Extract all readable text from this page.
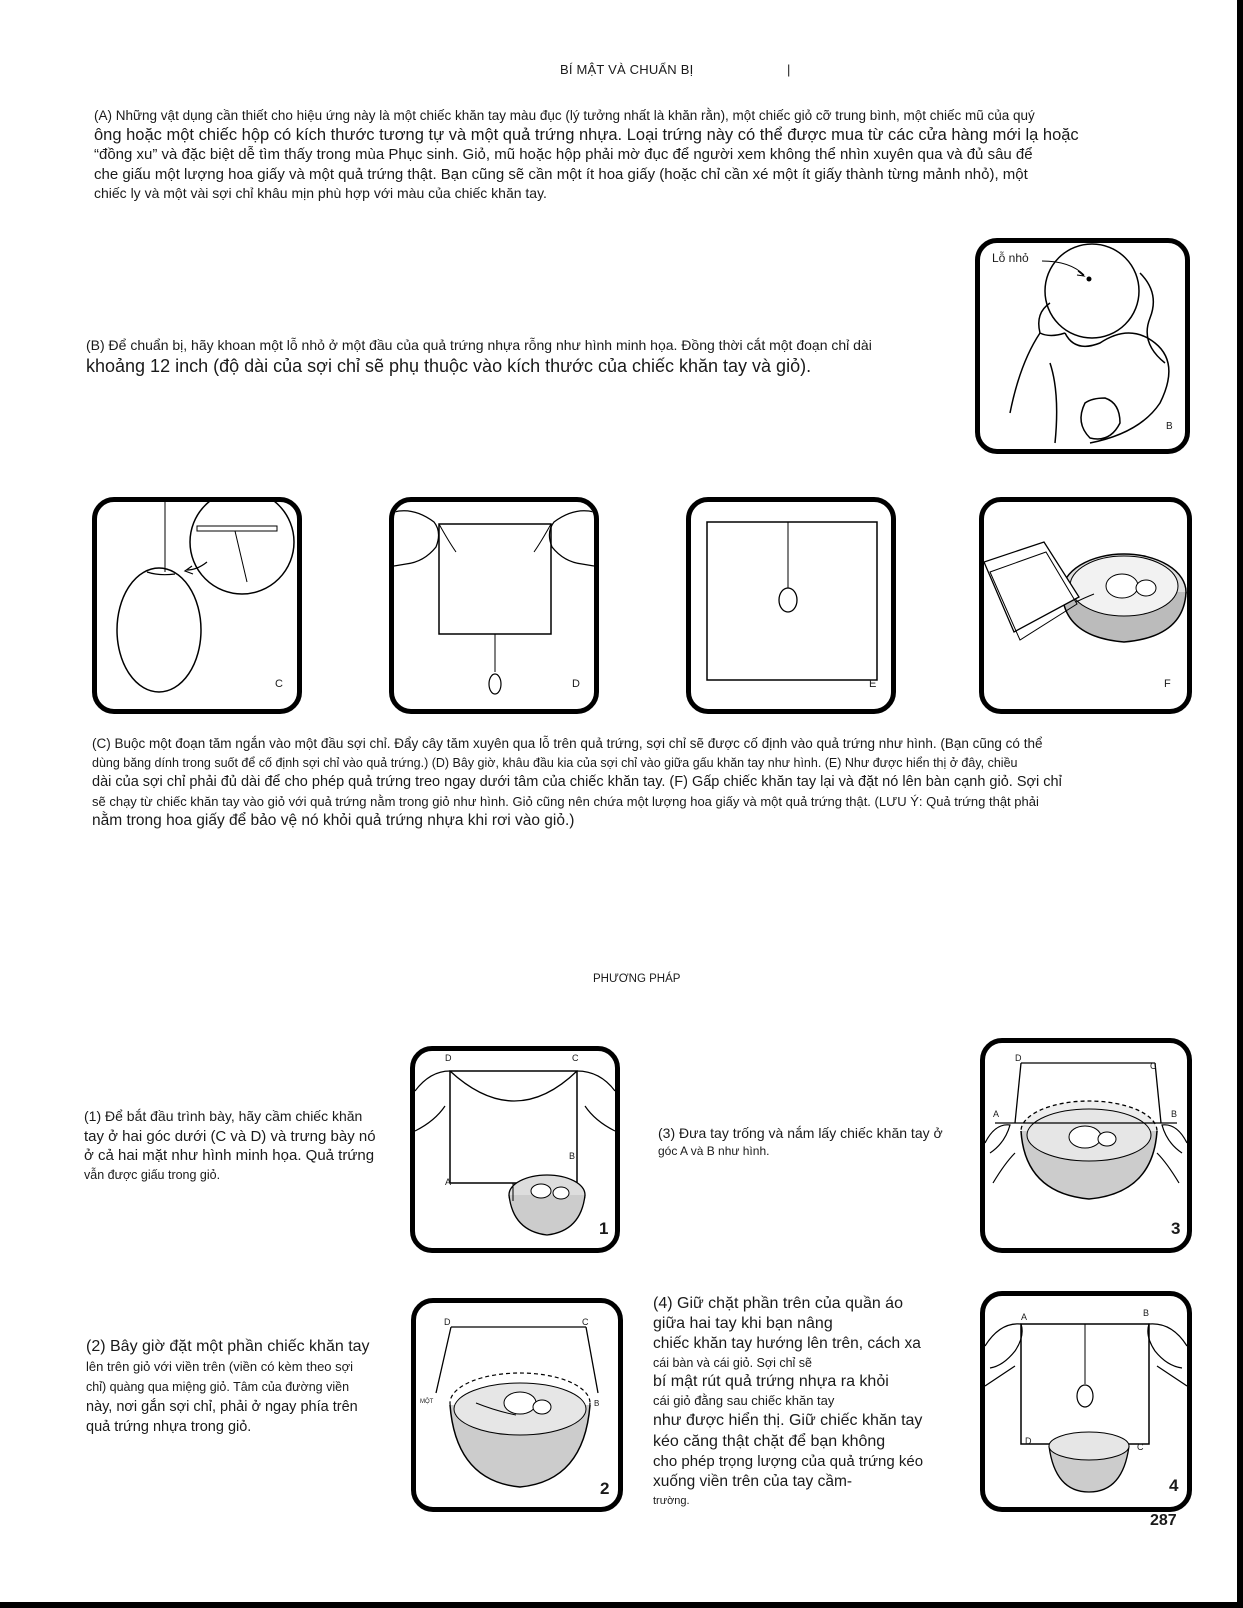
BÍ MẬT VÀ CHUẨN BỊ	|
(A) Những vật dụng cần thiết cho hiệu ứng này là một chiếc khăn tay màu đục (lý tưởng nhất là khăn rằn), một chiếc giỏ cỡ trung bình, một chiếc mũ của quý
ông hoặc một chiếc hộp có kích thước tương tự và một quả trứng nhựa. Loại trứng này có thể được mua từ các cửa hàng mới lạ hoặc
“đồng xu” và đặc biệt dễ tìm thấy trong mùa Phục sinh. Giỏ, mũ hoặc hộp phải mờ đục để người xem không thể nhìn xuyên qua và đủ sâu để
che giấu một lượng hoa giấy và một quả trứng thật. Bạn cũng sẽ cần một ít hoa giấy (hoặc chỉ cần xé một ít giấy thành từng mảnh nhỏ), một
chiếc ly và một vài sợi chỉ khâu mịn phù hợp với màu của chiếc khăn tay.
(B) Để chuẩn bị, hãy khoan một lỗ nhỏ ở một đầu của quả trứng nhựa rỗng như hình minh họa. Đồng thời cắt một đoạn chỉ dài
khoảng 12 inch (độ dài của sợi chỉ sẽ phụ thuộc vào kích thước của chiếc khăn tay và giỏ).
Lỗ nhỏ
B
C	D	E	F
(C) Buộc một đoạn tăm ngắn vào một đầu sợi chỉ. Đẩy cây tăm xuyên qua lỗ trên quả trứng, sợi chỉ sẽ được cố định vào quả trứng như hình. (Bạn cũng có thể
dùng băng dính trong suốt để cố định sợi chỉ vào quả trứng.) (D) Bây giờ, khâu đầu kia của sợi chỉ vào giữa gấu khăn tay như hình. (E) Như được hiển thị ở đây, chiều
dài của sợi chỉ phải đủ dài để cho phép quả trứng treo ngay dưới tâm của chiếc khăn tay. (F) Gấp chiếc khăn tay lại và đặt nó lên bàn cạnh giỏ. Sợi chỉ
sẽ chạy từ chiếc khăn tay vào giỏ với quả trứng nằm trong giỏ như hình. Giỏ cũng nên chứa một lượng hoa giấy và một quả trứng thật. (LƯU Ý: Quả trứng thật phải
nằm trong hoa giấy để bảo vệ nó khỏi quả trứng nhựa khi rơi vào giỏ.)
PHƯƠNG PHÁP
(1) Để bắt đầu trình bày, hãy cầm chiếc khăn
tay ở hai góc dưới (C và D) và trưng bày nó
ở cả hai mặt như hình minh họa. Quả trứng
vẫn được giấu trong giỏ.
D	C
A
B
1
(3) Đưa tay trống và nắm lấy chiếc khăn tay ở
góc A và B như hình.
D
C
A	B
3
(2) Bây giờ đặt một phần chiếc khăn tay
lên trên giỏ với viền trên (viền có kèm theo sợi
chỉ) quàng qua miệng giỏ. Tâm của đường viền
này, nơi gắn sợi chỉ, phải ở ngay phía trên
quả trứng nhựa trong giỏ.
D	C
MỘT	B
2
(4) Giữ chặt phần trên của quần áo
giữa hai tay khi bạn nâng
chiếc khăn tay hướng lên trên, cách xa
cái bàn và cái giỏ. Sợi chỉ sẽ
bí mật rút quả trứng nhựa ra khỏi
cái giỏ đằng sau chiếc khăn tay
như được hiển thị. Giữ chiếc khăn tay
kéo căng thật chặt để bạn không
cho phép trọng lượng của quả trứng kéo
xuống viền trên của tay cầm-
trường.
A	B
D
C
4
287
